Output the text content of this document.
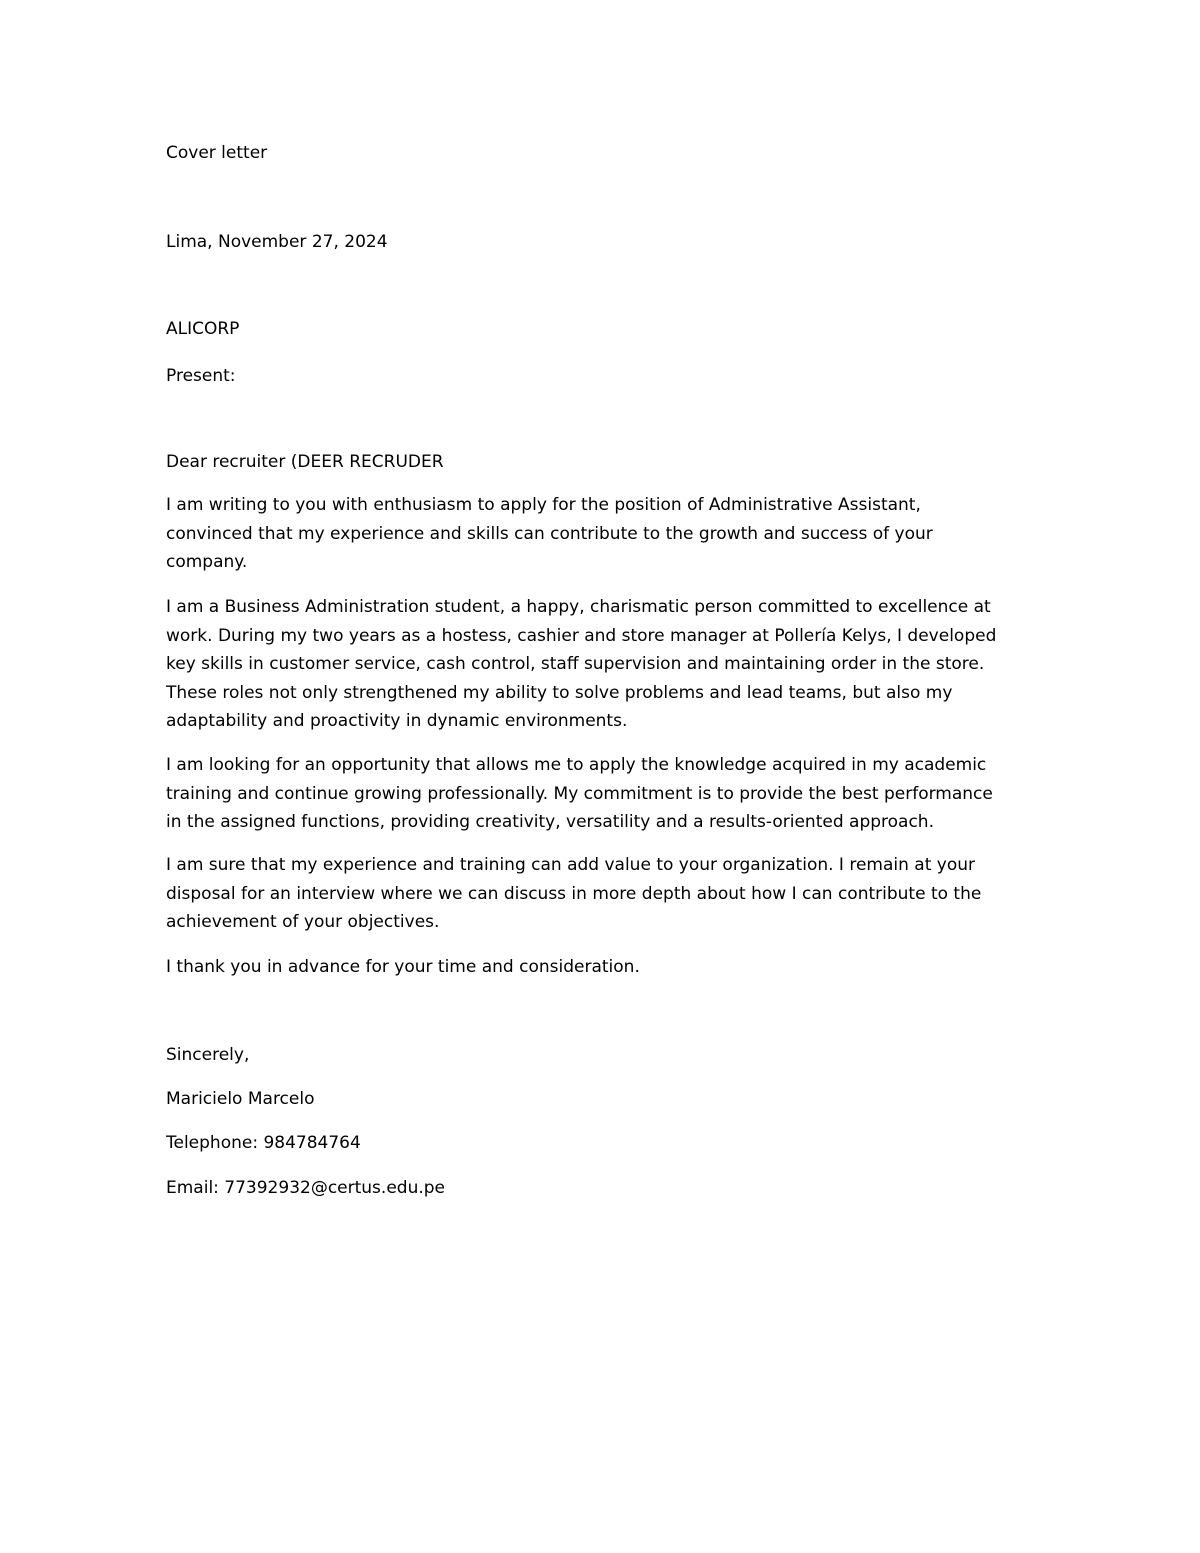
Cover letter

Lima, November 27, 2024

ALICORP

Present:

Dear recruiter (DEER RECRUDER

I am writing to you with enthusiasm to apply for the position of Administrative Assistant,
convinced that my experience and skills can contribute to the growth and success of your
company.
I am a Business Administration student, a happy, charismatic person committed to excellence at
work. During my two years as a hostess, cashier and store manager at Pollería Kelys, I developed
key skills in customer service, cash control, staff supervision and maintaining order in the store.
These roles not only strengthened my ability to solve problems and lead teams, but also my
adaptability and proactivity in dynamic environments.
I am looking for an opportunity that allows me to apply the knowledge acquired in my academic
training and continue growing professionally. My commitment is to provide the best performance
in the assigned functions, providing creativity, versatility and a results-oriented approach.
I am sure that my experience and training can add value to your organization. I remain at your
disposal for an interview where we can discuss in more depth about how I can contribute to the
achievement of your objectives.
I thank you in advance for your time and consideration.

Sincerely,

Maricielo Marcelo

Telephone: 984784764

Email: 77392932@certus.edu.pe
